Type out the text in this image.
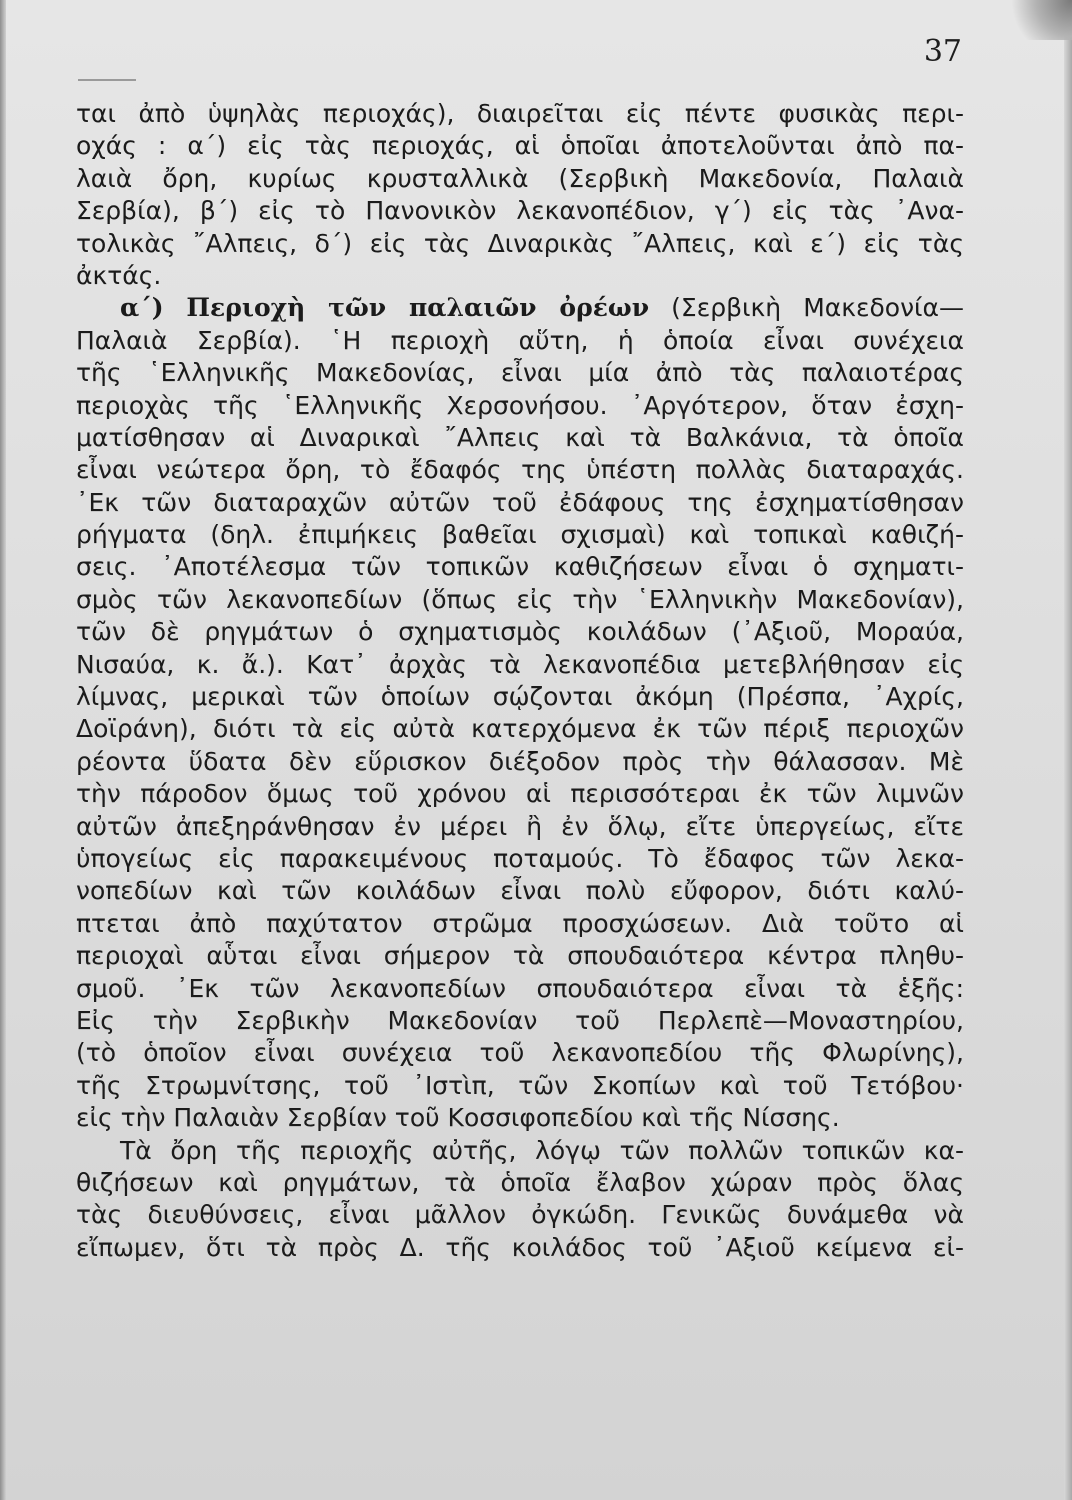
37
ται ἀπὸ ὑψηλὰς περιοχάς), διαιρεῖται εἰς πέντε φυσικὰς περι-
οχάς : α΄) εἰς τὰς περιοχάς, αἱ ὁποῖαι ἀποτελοῦνται ἀπὸ πα-
λαιὰ ὄρη, κυρίως κρυσταλλικὰ (Σερβικὴ Μακεδονία, Παλαιὰ
Σερβία), β΄) εἰς τὸ Πανονικὸν λεκανοπέδιον, γ΄) εἰς τὰς ᾿Ανα-
τολικὰς ῎Αλπεις, δ΄) εἰς τὰς Διναρικὰς ῎Αλπεις, καὶ ε΄) εἰς τὰς
ἀκτάς.
α΄) Περιοχὴ τῶν παλαιῶν ὀρέων (Σερβικὴ Μακεδονία—
Παλαιὰ Σερβία). ῾Η περιοχὴ αὕτη, ἡ ὁποία εἶναι συνέχεια
τῆς ῾Ελληνικῆς Μακεδονίας, εἶναι μία ἀπὸ τὰς παλαιοτέρας
περιοχὰς τῆς ῾Ελληνικῆς Χερσονήσου. ᾿Αργότερον, ὅταν ἐσχη-
ματίσθησαν αἱ Διναρικαὶ ῎Αλπεις καὶ τὰ Βαλκάνια, τὰ ὁποῖα
εἶναι νεώτερα ὄρη, τὸ ἔδαφός της ὑπέστη πολλὰς διαταραχάς.
᾿Εκ τῶν διαταραχῶν αὐτῶν τοῦ ἐδάφους της ἐσχηματίσθησαν
ρήγματα (δηλ. ἐπιμήκεις βαθεῖαι σχισμαὶ) καὶ τοπικαὶ καθιζή-
σεις. ᾿Αποτέλεσμα τῶν τοπικῶν καθιζήσεων εἶναι ὁ σχηματι-
σμὸς τῶν λεκανοπεδίων (ὅπως εἰς τὴν ῾Ελληνικὴν Μακεδονίαν),
τῶν δὲ ρηγμάτων ὁ σχηματισμὸς κοιλάδων (᾿Αξιοῦ, Μοραύα,
Νισαύα, κ. ἄ.). Κατ᾿ ἀρχὰς τὰ λεκανοπέδια μετεβλήθησαν εἰς
λίμνας, μερικαὶ τῶν ὁποίων σῴζονται ἀκόμη (Πρέσπα, ᾿Αχρίς,
Δοϊράνη), διότι τὰ εἰς αὐτὰ κατερχόμενα ἐκ τῶν πέριξ περιοχῶν
ρέοντα ὕδατα δὲν εὕρισκον διέξοδον πρὸς τὴν θάλασσαν. Μὲ
τὴν πάροδον ὅμως τοῦ χρόνου αἱ περισσότεραι ἐκ τῶν λιμνῶν
αὐτῶν ἀπεξηράνθησαν ἐν μέρει ἢ ἐν ὅλῳ, εἴτε ὑπεργείως, εἴτε
ὑπογείως εἰς παρακειμένους ποταμούς. Τὸ ἔδαφος τῶν λεκα-
νοπεδίων καὶ τῶν κοιλάδων εἶναι πολὺ εὔφορον, διότι καλύ-
πτεται ἀπὸ παχύτατον στρῶμα προσχώσεων. Διὰ τοῦτο αἱ
περιοχαὶ αὗται εἶναι σήμερον τὰ σπουδαιότερα κέντρα πληθυ-
σμοῦ. ᾿Εκ τῶν λεκανοπεδίων σπουδαιότερα εἶναι τὰ ἑξῆς:
Εἰς τὴν Σερβικὴν Μακεδονίαν τοῦ Περλεπὲ—Μοναστηρίου,
(τὸ ὁποῖον εἶναι συνέχεια τοῦ λεκανοπεδίου τῆς Φλωρίνης),
τῆς Στρωμνίτσης, τοῦ ᾿Ιστὶπ, τῶν Σκοπίων καὶ τοῦ Τετόβου·
εἰς τὴν Παλαιὰν Σερβίαν τοῦ Κοσσιφοπεδίου καὶ τῆς Νίσσης.
Τὰ ὄρη τῆς περιοχῆς αὐτῆς, λόγῳ τῶν πολλῶν τοπικῶν κα-
θιζήσεων καὶ ρηγμάτων, τὰ ὁποῖα ἔλαβον χώραν πρὸς ὅλας
τὰς διευθύνσεις, εἶναι μᾶλλον ὀγκώδη. Γενικῶς δυνάμεθα νὰ
εἴπωμεν, ὅτι τὰ πρὸς Δ. τῆς κοιλάδος τοῦ ᾿Αξιοῦ κείμενα εἰ-
